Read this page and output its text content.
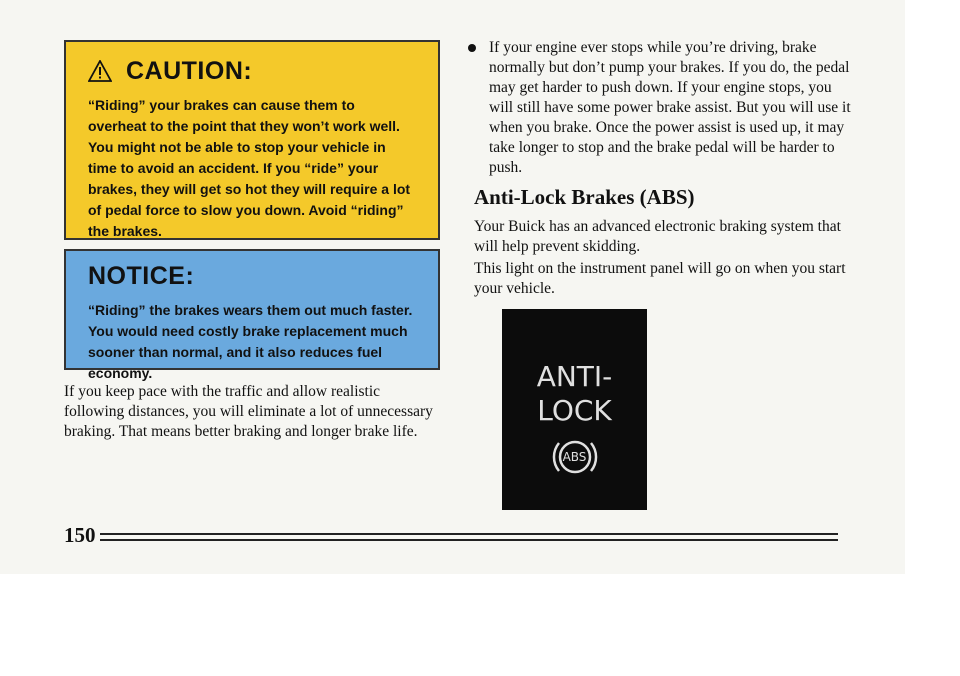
CAUTION:
“Riding” your brakes can cause them to overheat to the point that they won’t work well. You might not be able to stop your vehicle in time to avoid an accident. If you “ride” your brakes, they will get so hot they will require a lot of pedal force to slow you down. Avoid “riding” the brakes.
NOTICE:
“Riding” the brakes wears them out much faster. You would need costly brake replacement much sooner than normal, and it also reduces fuel economy.
If you keep pace with the traffic and allow realistic following distances, you will eliminate a lot of unnecessary braking. That means better braking and longer brake life.
If your engine ever stops while you’re driving, brake normally but don’t pump your brakes. If you do, the pedal may get harder to push down. If your engine stops, you will still have some power brake assist. But you will use it when you brake. Once the power assist is used up, it may take longer to stop and the brake pedal will be harder to push.
Anti-Lock Brakes (ABS)
Your Buick has an advanced electronic braking system that will help prevent skidding.
This light on the instrument panel will go on when you start your vehicle.
ANTI-
LOCK
ABS
150
